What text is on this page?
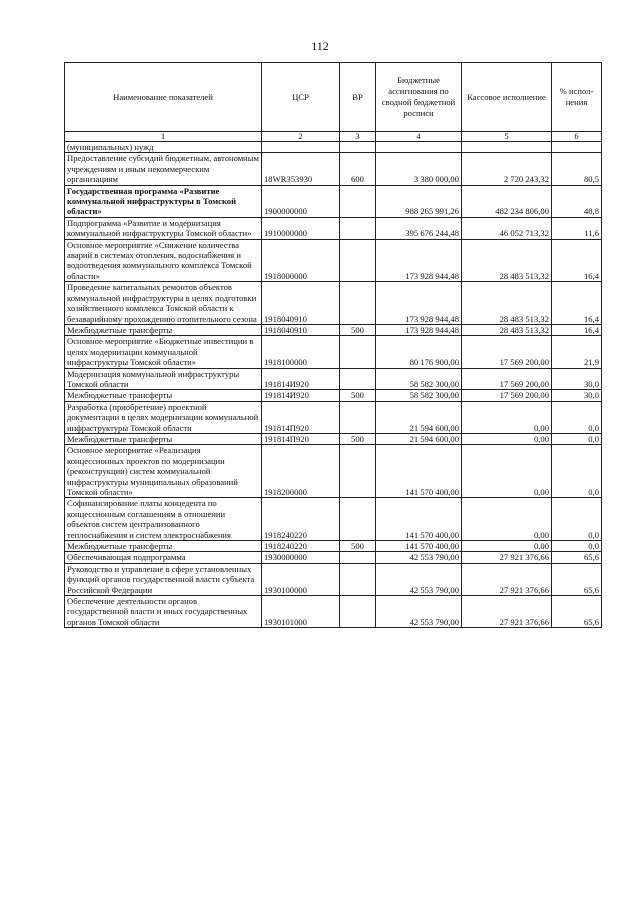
112
Наименование показателей	ЦСР	ВР	Бюджетные ассигнования по сводной бюджетной росписи	Кассовое исполнение	% испол-нения
1	2	3	4	5	6
(муниципальных) нужд					
Предоставление субсидий бюджетным, автономным учреждениям и иным некоммерческим организациям	18WR353930	600	3 380 000,00	2 720 243,32	80,5
Государственная программа «Развитие коммунальной инфраструктуры в Томской области»	1900000000		988 265 991,26	482 234 806,00	48,8
Подпрограмма «Развитие и модернизация коммунальной инфраструктуры Томской области»	1910000000		395 676 244,48	46 052 713,32	11,6
Основное мероприятие «Снижение количества аварий в системах отопления, водоснабжения и водоотведения коммунального комплекса Томской области»	1918000000		173 928 944,48	28 483 513,32	16,4
Проведение капитальных ремонтов объектов коммунальной инфраструктуры в целях подготовки хозяйственного комплекса Томской области к безаварийному прохождению отопительного сезона	1918040910		173 928 944,48	28 483 513,32	16,4
Межбюджетные трансферты	1918040910	500	173 928 944,48	28 483 513,32	16,4
Основное мероприятие «Бюджетные инвестиции в целях модернизации коммунальной инфраструктуры Томской области»	1918100000		80 176 900,00	17 569 200,00	21,9
Модернизация коммунальной инфраструктуры Томской области	191814И920		58 582 300,00	17 569 200,00	30,0
Межбюджетные трансферты	191814И920	500	58 582 300,00	17 569 200,00	30,0
Разработка (приобретение) проектной документации в целях модернизации коммунальной инфраструктуры Томской области	191814П920		21 594 600,00	0,00	0,0
Межбюджетные трансферты	191814П920	500	21 594 600,00	0,00	0,0
Основное мероприятие «Реализация концессионных проектов по модернизации (реконструкции) систем коммунальной инфраструктуры муниципальных образований Томской области»	1918200000		141 570 400,00	0,00	0,0
Софинансирование платы концедента по концессионным соглашениям в отношении объектов систем централизованного теплоснабжения и систем электроснабжения	1918240220		141 570 400,00	0,00	0,0
Межбюджетные трансферты	1918240220	500	141 570 400,00	0,00	0,0
Обеспечивающая подпрограмма	1930000000		42 553 790,00	27 921 376,66	65,6
Руководство и управление в сфере установленных функций органов государственной власти субъекта Российской Федерации	1930100000		42 553 790,00	27 921 376,66	65,6
Обеспечение деятельности органов государственной власти и иных государственных органов Томской области	1930101000		42 553 790,00	27 921 376,66	65,6
